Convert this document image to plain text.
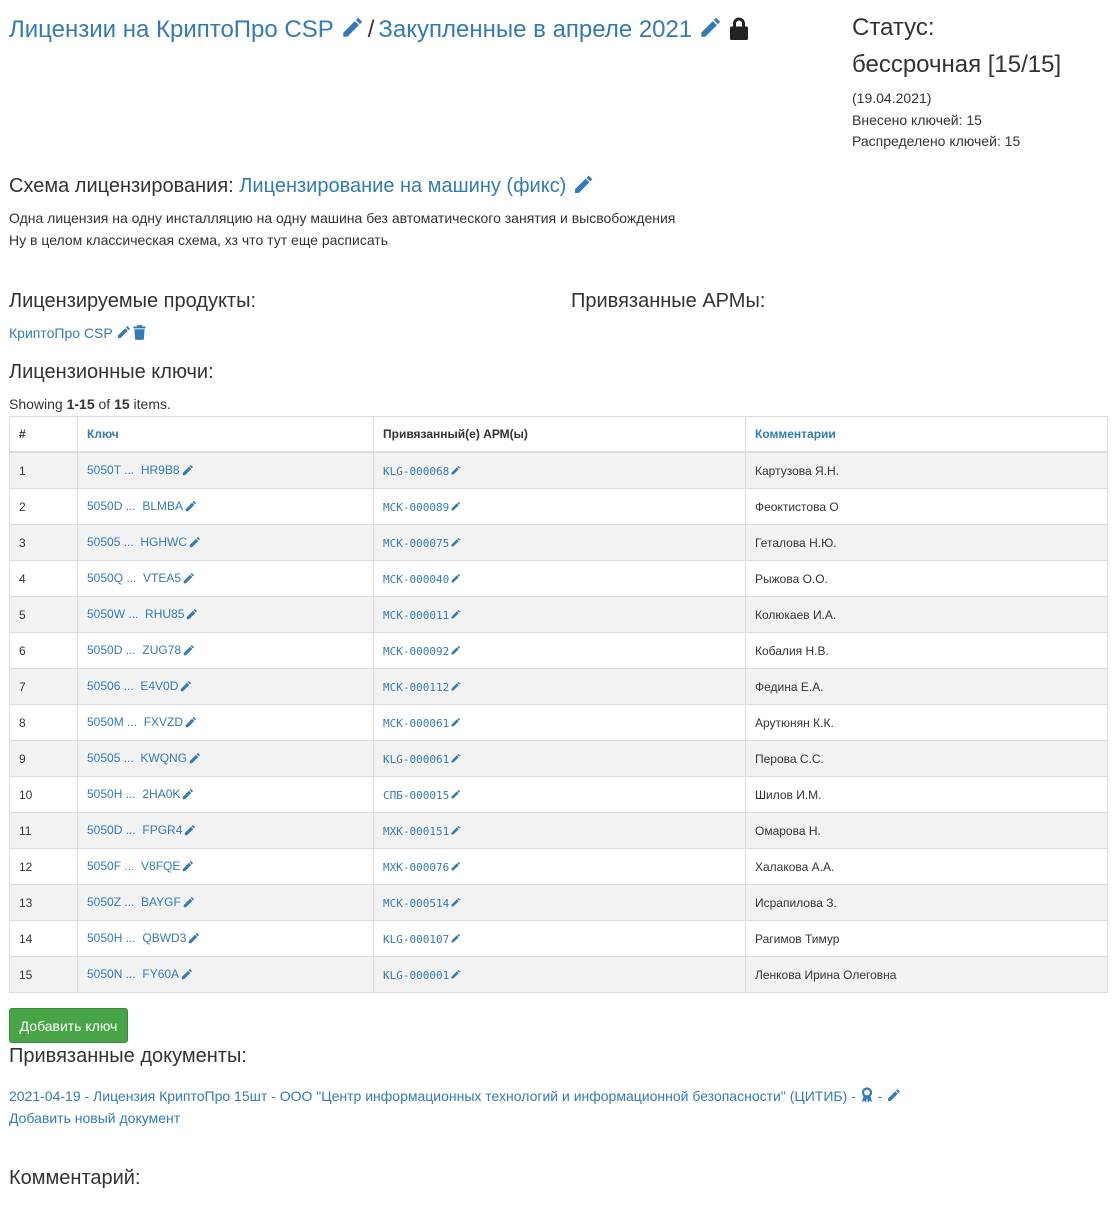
Лицензии на КриптоПро CSP / Закупленные в апреле 2021	Статус:
бессрочная [15/15]
(19.04.2021)
Внесено ключей: 15
Распределено ключей: 15
Схема лицензирования: Лицензирование на машину (фикс)
Одна лицензия на одну инсталляцию на одну машина без автоматического занятия и высвобождения
Ну в целом классическая схема, хз что тут еще расписать
Лицензируемые продукты:	Привязанные АРМы:
КриптоПро CSP
Лицензионные ключи:
Showing 1-15 of 15 items.
#	Ключ	Привязанный(е) АРМ(ы)	Комментарии
1	5050T ...  HR9B8	KLG-000068	Картузова Я.Н.
2	5050D ...  BLMBA	МСК-000089	Феоктистова О
3	50505 ...  HGHWC	МСК-000075	Геталова Н.Ю.
4	5050Q ...  VTEA5	МСК-000040	Рыжова О.О.
5	5050W ...  RHU85	МСК-000011	Колюкаев И.А.
6	5050D ...  ZUG78	МСК-000092	Кобалия Н.В.
7	50506 ...  E4V0D	МСК-000112	Федина Е.А.
8	5050M ...  FXVZD	МСК-000061	Арутюнян К.К.
9	50505 ...  KWQNG	KLG-000061	Перова С.С.
10	5050H ...  2HA0K	СПБ-000015	Шилов И.М.
11	5050D ...  FPGR4	МХК-000151	Омарова Н.
12	5050F ...  V8FQE	МХК-000076	Халакова А.А.
13	5050Z ...  BAYGF	МСК-000514	Исрапилова З.
14	5050H ...  QBWD3	KLG-000107	Рагимов Тимур
15	5050N ...  FY60A	KLG-000001	Ленкова Ирина Олеговна
Добавить ключ
Привязанные документы:
2021-04-19 - Лицензия КриптоПро 15шт - ООО "Центр информационных технологий и информационной безопасности" (ЦИТИБ) -
-
Добавить новый документ
Комментарий:
